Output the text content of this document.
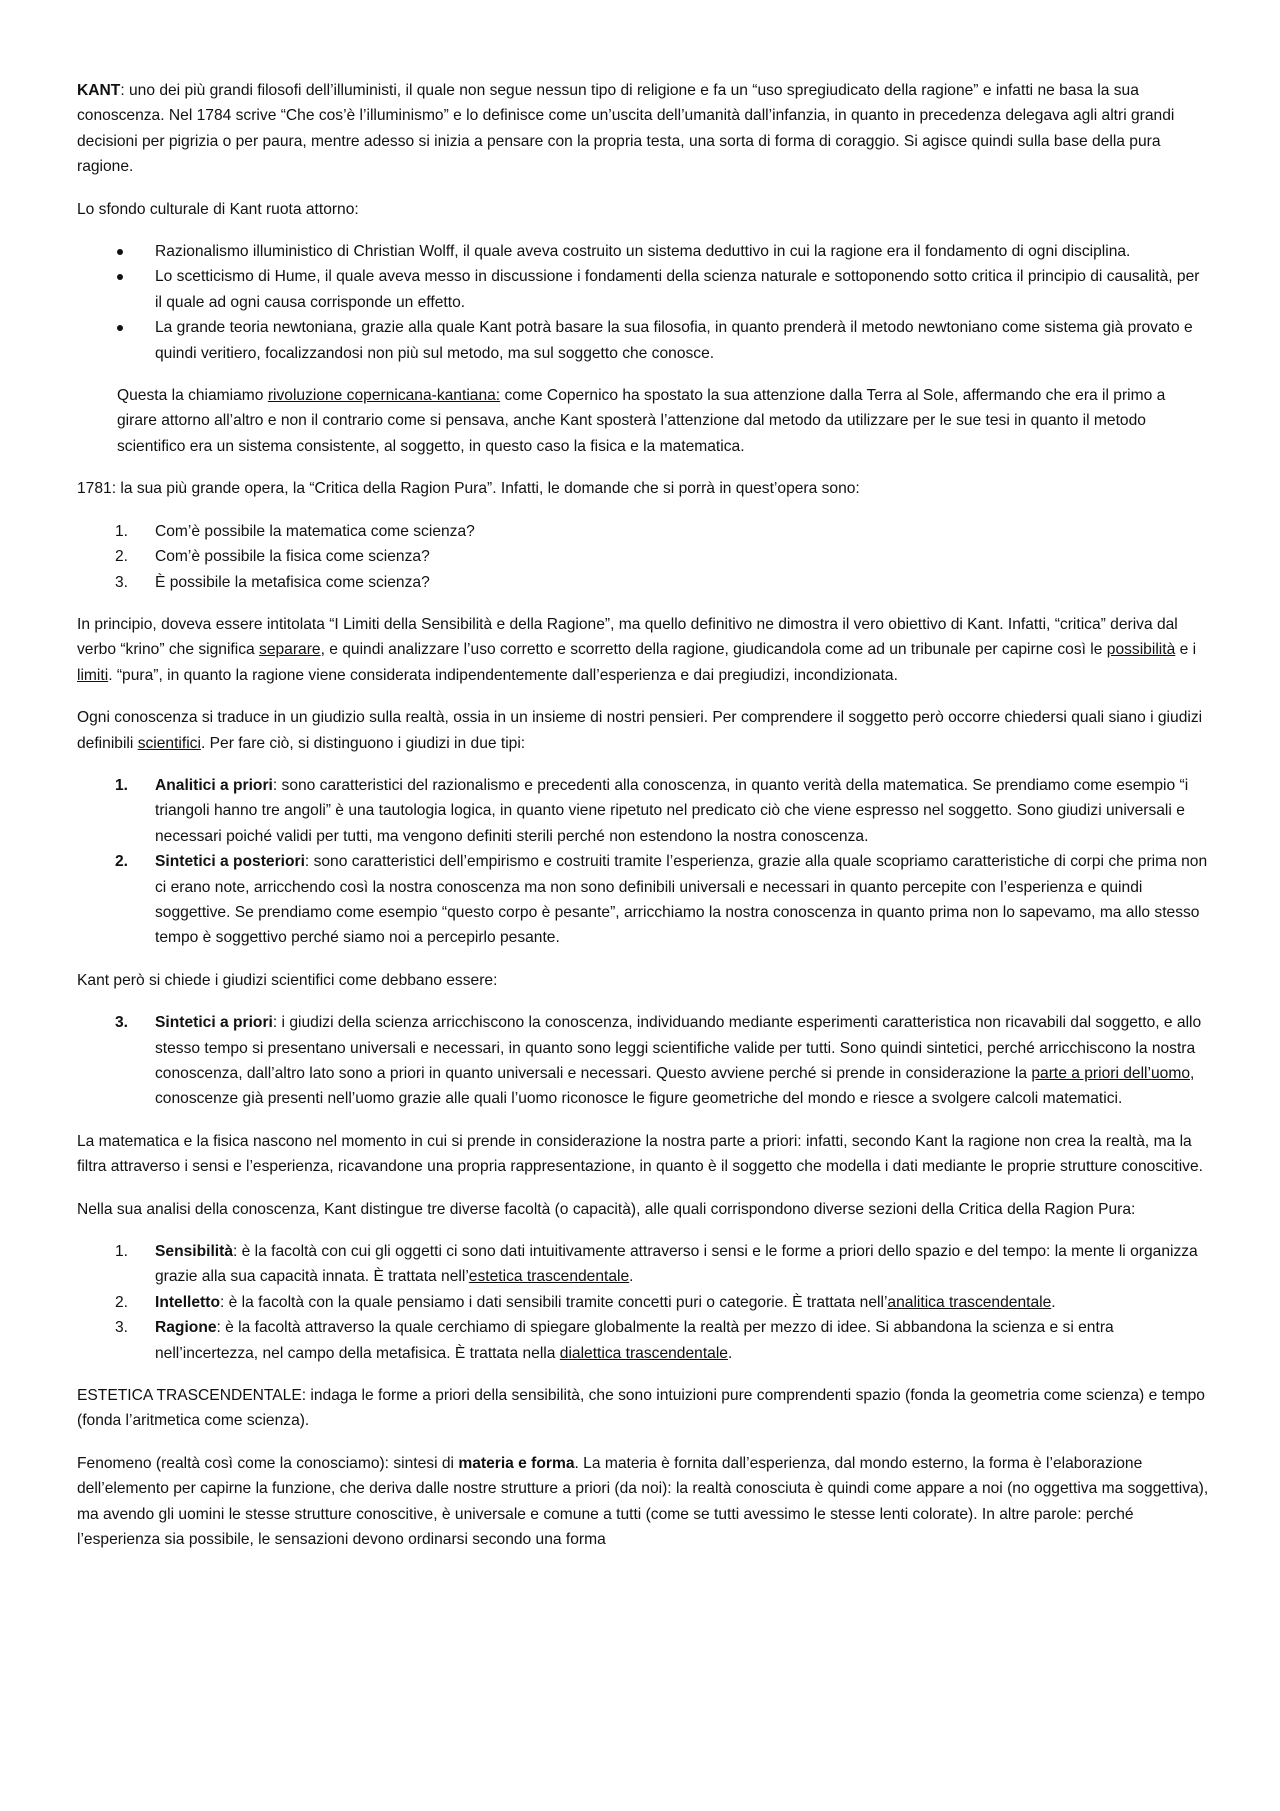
KANT: uno dei più grandi filosofi dell’illuministi, il quale non segue nessun tipo di religione e fa un “uso spregiudicato della ragione” e infatti ne basa la sua conoscenza. Nel 1784 scrive “Che cos’è l’illuminismo” e lo definisce come un’uscita dell’umanità dall’infanzia, in quanto in precedenza delegava agli altri grandi decisioni per pigrizia o per paura, mentre adesso si inizia a pensare con la propria testa, una sorta di forma di coraggio. Si agisce quindi sulla base della pura ragione.

Lo sfondo culturale di Kant ruota attorno:

Razionalismo illuministico di Christian Wolff, il quale aveva costruito un sistema deduttivo in cui la ragione era il fondamento di ogni disciplina.
Lo scetticismo di Hume, il quale aveva messo in discussione i fondamenti della scienza naturale e sottoponendo sotto critica il principio di causalità, per il quale ad ogni causa corrisponde un effetto.
La grande teoria newtoniana, grazie alla quale Kant potrà basare la sua filosofia, in quanto prenderà il metodo newtoniano come sistema già provato e quindi veritiero, focalizzandosi non più sul metodo, ma sul soggetto che conosce.

Questa la chiamiamo rivoluzione copernicana-kantiana: come Copernico ha spostato la sua attenzione dalla Terra al Sole, affermando che era il primo a girare attorno all’altro e non il contrario come si pensava, anche Kant sposterà l’attenzione dal metodo da utilizzare per le sue tesi in quanto il metodo scientifico era un sistema consistente, al soggetto, in questo caso la fisica e la matematica.

1781: la sua più grande opera, la “Critica della Ragion Pura”. Infatti, le domande che si porrà in quest’opera sono:

1. Com’è possibile la matematica come scienza?
2. Com’è possibile la fisica come scienza?
3. È possibile la metafisica come scienza?

In principio, doveva essere intitolata “I Limiti della Sensibilità e della Ragione”, ma quello definitivo ne dimostra il vero obiettivo di Kant. Infatti, “critica” deriva dal verbo “krino” che significa separare, e quindi analizzare l’uso corretto e scorretto della ragione, giudicandola come ad un tribunale per capirne così le possibilità e i limiti. “pura”, in quanto la ragione viene considerata indipendentemente dall’esperienza e dai pregiudizi, incondizionata.

Ogni conoscenza si traduce in un giudizio sulla realtà, ossia in un insieme di nostri pensieri. Per comprendere il soggetto però occorre chiedersi quali siano i giudizi definibili scientifici. Per fare ciò, si distinguono i giudizi in due tipi:

1. Analitici a priori: sono caratteristici del razionalismo e precedenti alla conoscenza, in quanto verità della matematica. Se prendiamo come esempio “i triangoli hanno tre angoli” è una tautologia logica, in quanto viene ripetuto nel predicato ciò che viene espresso nel soggetto. Sono giudizi universali e necessari poiché validi per tutti, ma vengono definiti sterili perché non estendono la nostra conoscenza.
2. Sintetici a posteriori: sono caratteristici dell’empirismo e costruiti tramite l’esperienza, grazie alla quale scopriamo caratteristiche di corpi che prima non ci erano note, arricchendo così la nostra conoscenza ma non sono definibili universali e necessari in quanto percepite con l’esperienza e quindi soggettive. Se prendiamo come esempio “questo corpo è pesante”, arricchiamo la nostra conoscenza in quanto prima non lo sapevamo, ma allo stesso tempo è soggettivo perché siamo noi a percepirlo pesante.

Kant però si chiede i giudizi scientifici come debbano essere:

3. Sintetici a priori: i giudizi della scienza arricchiscono la conoscenza, individuando mediante esperimenti caratteristica non ricavabili dal soggetto, e allo stesso tempo si presentano universali e necessari, in quanto sono leggi scientifiche valide per tutti. Sono quindi sintetici, perché arricchiscono la nostra conoscenza, dall’altro lato sono a priori in quanto universali e necessari. Questo avviene perché si prende in considerazione la parte a priori dell’uomo, conoscenze già presenti nell’uomo grazie alle quali l’uomo riconosce le figure geometriche del mondo e riesce a svolgere calcoli matematici.

La matematica e la fisica nascono nel momento in cui si prende in considerazione la nostra parte a priori: infatti, secondo Kant la ragione non crea la realtà, ma la filtra attraverso i sensi e l’esperienza, ricavandone una propria rappresentazione, in quanto è il soggetto che modella i dati mediante le proprie strutture conoscitive.

Nella sua analisi della conoscenza, Kant distingue tre diverse facoltà (o capacità), alle quali corrispondono diverse sezioni della Critica della Ragion Pura:

1. Sensibilità: è la facoltà con cui gli oggetti ci sono dati intuitivamente attraverso i sensi e le forme a priori dello spazio e del tempo: la mente li organizza grazie alla sua capacità innata. È trattata nell’estetica trascendentale.
2. Intelletto: è la facoltà con la quale pensiamo i dati sensibili tramite concetti puri o categorie. È trattata nell’analitica trascendentale.
3. Ragione: è la facoltà attraverso la quale cerchiamo di spiegare globalmente la realtà per mezzo di idee. Si abbandona la scienza e si entra nell’incertezza, nel campo della metafisica. È trattata nella dialettica trascendentale.

ESTETICA TRASCENDENTALE: indaga le forme a priori della sensibilità, che sono intuizioni pure comprendenti spazio (fonda la geometria come scienza) e tempo (fonda l’aritmetica come scienza).

Fenomeno (realtà così come la conosciamo): sintesi di materia e forma. La materia è fornita dall’esperienza, dal mondo esterno, la forma è l’elaborazione dell’elemento per capirne la funzione, che deriva dalle nostre strutture a priori (da noi): la realtà conosciuta è quindi come appare a noi (no oggettiva ma soggettiva), ma avendo gli uomini le stesse strutture conoscitive, è universale e comune a tutti (come se tutti avessimo le stesse lenti colorate). In altre parole: perché l’esperienza sia possibile, le sensazioni devono ordinarsi secondo una forma
